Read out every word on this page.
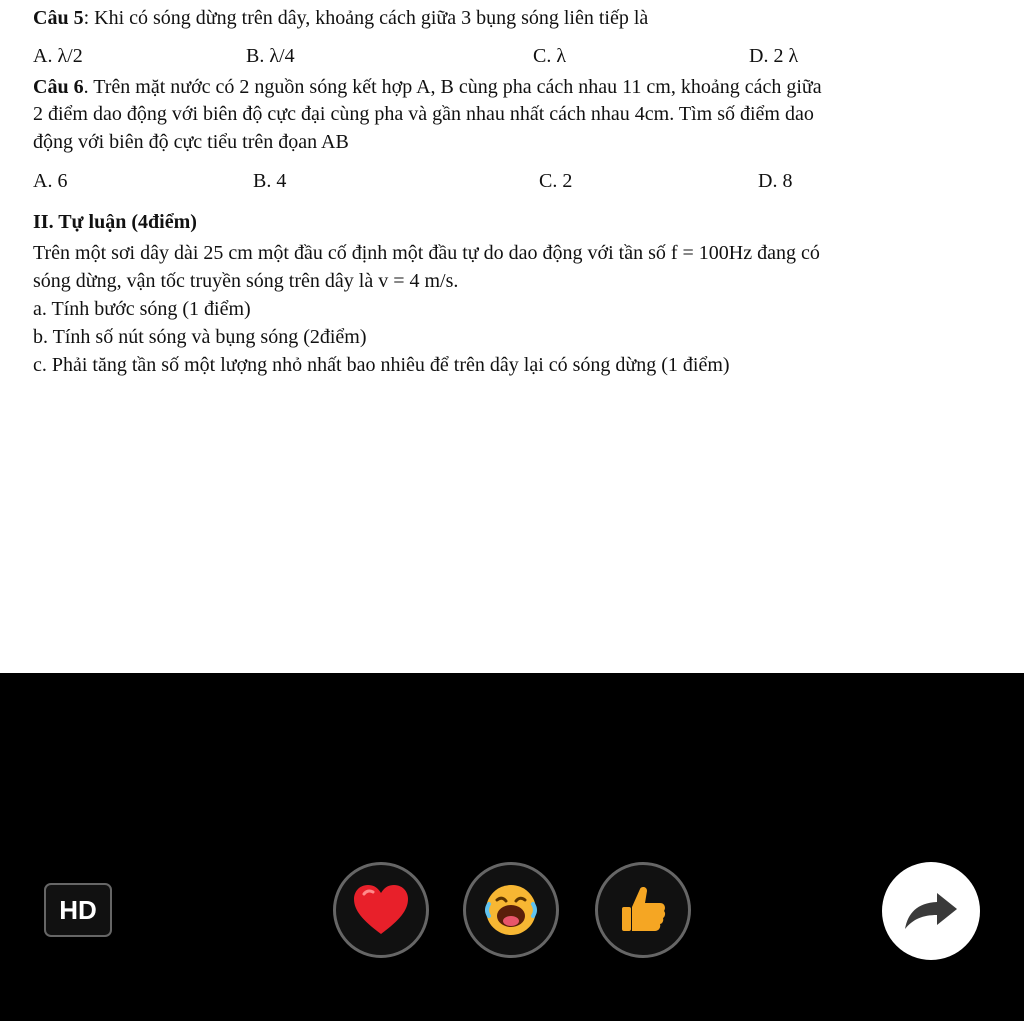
Câu 5: Khi có sóng dừng trên dây, khoảng cách giữa 3 bụng sóng liên tiếp là
A. λ/2	B. λ/4	C. λ	D. 2 λ
Câu 6. Trên mặt nước có 2 nguồn sóng kết hợp A, B cùng pha cách nhau 11 cm, khoảng cách giữa
2 điểm dao động với biên độ cực đại cùng pha và gần nhau nhất cách nhau 4cm. Tìm số điểm dao
động với biên độ cực tiểu trên đọan AB
A. 6	B. 4	C. 2	D. 8
II. Tự luận (4điểm)
Trên một sơi dây dài 25 cm một đầu cố định một đầu tự do dao động với tần số f = 100Hz đang có
sóng dừng, vận tốc truyền sóng trên dây là v = 4 m/s.
a. Tính bước sóng (1 điểm)
b. Tính số nút sóng và bụng sóng (2điểm)
c. Phải tăng tần số một lượng nhỏ nhất bao nhiêu để trên dây lại có sóng dừng (1 điểm)
HD
